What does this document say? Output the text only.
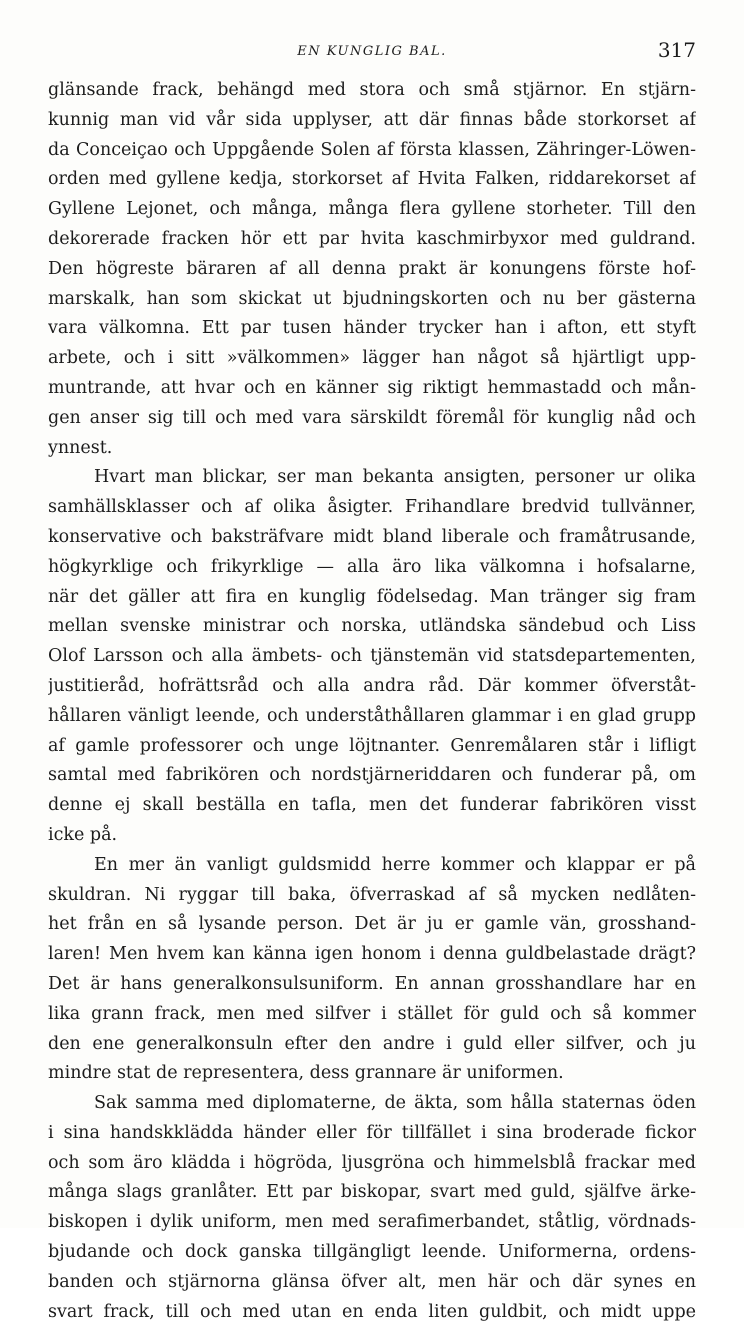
EN KUNGLIG BAL.	317
glänsande frack, behängd med stora och små stjärnor. En stjärn-
kunnig man vid vår sida upplyser, att där finnas både storkorset af
da Conceiçao och Uppgående Solen af första klassen, Zähringer-Löwen-
orden med gyllene kedja, storkorset af Hvita Falken, riddarekorset af
Gyllene Lejonet, och många, många flera gyllene storheter. Till den
dekorerade fracken hör ett par hvita kaschmirbyxor med guldrand.
Den högreste bäraren af all denna prakt är konungens förste hof-
marskalk, han som skickat ut bjudningskorten och nu ber gästerna
vara välkomna. Ett par tusen händer trycker han i afton, ett styft
arbete, och i sitt »välkommen» lägger han något så hjärtligt upp-
muntrande, att hvar och en känner sig riktigt hemmastadd och mån-
gen anser sig till och med vara särskildt föremål för kunglig nåd och
ynnest.
Hvart man blickar, ser man bekanta ansigten, personer ur olika
samhällsklasser och af olika åsigter. Frihandlare bredvid tullvänner,
konservative och baksträfvare midt bland liberale och framåtrusande,
högkyrklige och frikyrklige — alla äro lika välkomna i hofsalarne,
när det gäller att fira en kunglig födelsedag. Man tränger sig fram
mellan svenske ministrar och norska, utländska sändebud och Liss
Olof Larsson och alla ämbets- och tjänstemän vid statsdepartementen,
justitieråd, hofrättsråd och alla andra råd. Där kommer öfverståt-
hållaren vänligt leende, och underståthållaren glammar i en glad grupp
af gamle professorer och unge löjtnanter. Genremålaren står i lifligt
samtal med fabrikören och nordstjärneriddaren och funderar på, om
denne ej skall beställa en tafla, men det funderar fabrikören visst
icke på.
En mer än vanligt guldsmidd herre kommer och klappar er på
skuldran. Ni ryggar till baka, öfverraskad af så mycken nedlåten-
het från en så lysande person. Det är ju er gamle vän, grosshand-
laren! Men hvem kan känna igen honom i denna guldbelastade drägt?
Det är hans generalkonsulsuniform. En annan grosshandlare har en
lika grann frack, men med silfver i stället för guld och så kommer
den ene generalkonsuln efter den andre i guld eller silfver, och ju
mindre stat de representera, dess grannare är uniformen.
Sak samma med diplomaterne, de äkta, som hålla staternas öden
i sina handskklädda händer eller för tillfället i sina broderade fickor
och som äro klädda i högröda, ljusgröna och himmelsblå frackar med
många slags granlåter. Ett par biskopar, svart med guld, själfve ärke-
biskopen i dylik uniform, men med serafimerbandet, ståtlig, vördnads-
bjudande och dock ganska tillgängligt leende. Uniformerna, ordens-
banden och stjärnorna glänsa öfver alt, men här och där synes en
svart frack, till och med utan en enda liten guldbit, och midt uppe
